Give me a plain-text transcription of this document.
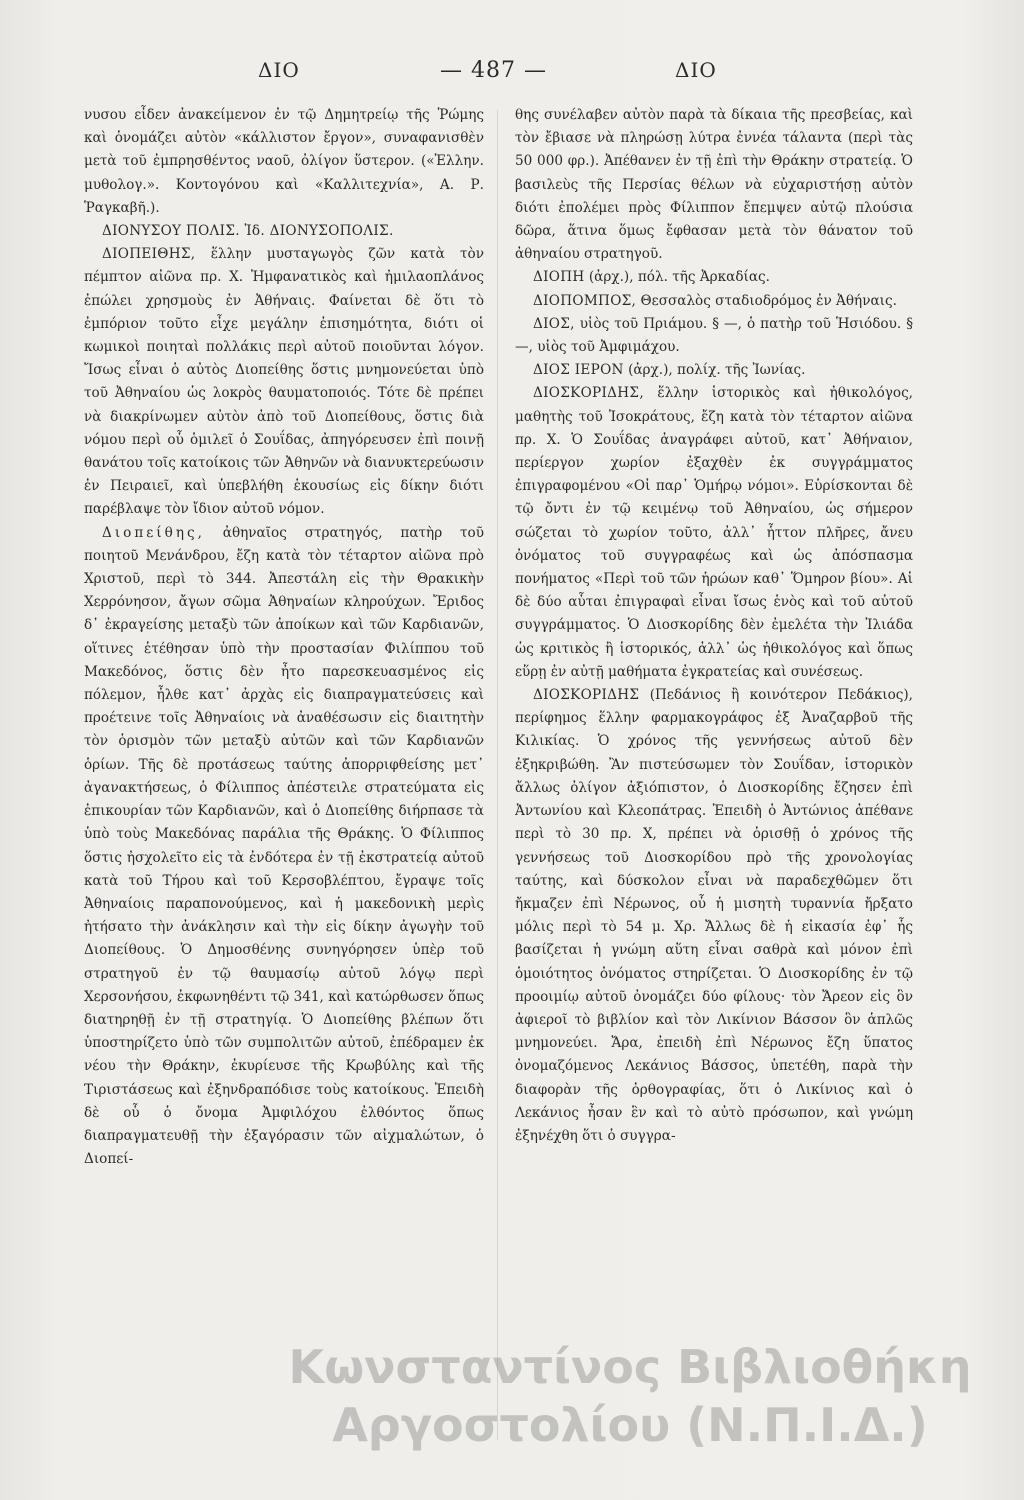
ΔΙΟ	— 487 —	ΔΙΟ

νυσου εἶδεν ἀνακείμενον ἐν τῷ Δημητρείῳ τῆς Ῥώμης καὶ ὀνομάζει αὐτὸν «κάλλιστον ἔργον», συναφανισθὲν μετὰ τοῦ ἐμπρησθέντος ναοῦ, ὀλίγον ὕστερον. («Ἑλλην. μυθολογ.». Κοντογόνου καὶ «Καλλιτεχνία», Α. Ρ. Ῥαγκαβῆ.).

ΔΙΟΝΥΣΟΥ ΠΟΛΙΣ. Ἰδ. ΔΙΟΝΥΣΟΠΟΛΙΣ.

ΔΙΟΠΕΙΘΗΣ, ἕλλην μυσταγωγὸς ζῶν κατὰ τὸν πέμπτον αἰῶνα πρ. Χ. Ἠμφανατικὸς καὶ ἠμιλαοπλάνος ἐπώλει χρησμοὺς ἐν Ἀθήναις. Φαίνεται δὲ ὅτι τὸ ἐμπόριον τοῦτο εἶχε μεγάλην ἐπισημότητα, διότι οἱ κωμικοὶ ποιηταὶ πολλάκις περὶ αὐτοῦ ποιοῦνται λόγον. Ἴσως εἶναι ὁ αὐτὸς Διοπείθης ὅστις μνημονεύεται ὑπὸ τοῦ Ἀθηναίου ὡς λοκρὸς θαυματοποιός. Τότε δὲ πρέπει νὰ διακρίνωμεν αὐτὸν ἀπὸ τοῦ Διοπείθους, ὅστις διὰ νόμου περὶ οὗ ὁμιλεῖ ὁ Σουΐδας, ἀπηγόρευσεν ἐπὶ ποινῇ θανάτου τοῖς κατοίκοις τῶν Ἀθηνῶν νὰ διανυκτερεύωσιν ἐν Πειραιεῖ, καὶ ὑπεβλήθη ἑκουσίως εἰς δίκην διότι παρέβλαψε τὸν ἴδιον αὐτοῦ νόμον.

Διοπείθης, ἀθηναῖος στρατηγός, πατὴρ τοῦ ποιητοῦ Μενάνδρου, ἔζη κατὰ τὸν τέταρτον αἰῶνα πρὸ Χριστοῦ, περὶ τὸ 344. Ἀπεστάλη εἰς τὴν Θρακικὴν Χερρόνησον, ἄγων σῶμα Ἀθηναίων κληρούχων. Ἔριδος δ᾽ ἐκραγείσης μεταξὺ τῶν ἀποίκων καὶ τῶν Καρδιανῶν, οἵτινες ἐτέθησαν ὑπὸ τὴν προστασίαν Φιλίππου τοῦ Μακεδόνος, ὅστις δὲν ἦτο παρεσκευασμένος εἰς πόλεμον, ἦλθε κατ᾽ ἀρχὰς εἰς διαπραγματεύσεις καὶ προέτεινε τοῖς Ἀθηναίοις νὰ ἀναθέσωσιν εἰς διαιτητὴν τὸν ὁρισμὸν τῶν μεταξὺ αὐτῶν καὶ τῶν Καρδιανῶν ὁρίων. Τῆς δὲ προτάσεως ταύτης ἀπορριφθείσης μετ᾽ ἀγανακτήσεως, ὁ Φίλιππος ἀπέστειλε στρατεύματα εἰς ἐπικουρίαν τῶν Καρδιανῶν, καὶ ὁ Διοπείθης διήρπασε τὰ ὑπὸ τοὺς Μακεδόνας παράλια τῆς Θράκης. Ὁ Φίλιππος ὅστις ἠσχολεῖτο εἰς τὰ ἐνδότερα ἐν τῇ ἐκστρατείᾳ αὐτοῦ κατὰ τοῦ Τήρου καὶ τοῦ Κερσοβλέπτου, ἔγραψε τοῖς Ἀθηναίοις παραπονούμενος, καὶ ἡ μακεδονικὴ μερὶς ἠτήσατο τὴν ἀνάκλησιν καὶ τὴν εἰς δίκην ἀγωγὴν τοῦ Διοπείθους. Ὁ Δημοσθένης συνηγόρησεν ὑπὲρ τοῦ στρατηγοῦ ἐν τῷ θαυμασίῳ αὐτοῦ λόγῳ περὶ Χερσονήσου, ἐκφωνηθέντι τῷ 341, καὶ κατώρθωσεν ὅπως διατηρηθῇ ἐν τῇ στρατηγίᾳ. Ὁ Διοπείθης βλέπων ὅτι ὑποστηρίζετο ὑπὸ τῶν συμπολιτῶν αὐτοῦ, ἐπέδραμεν ἐκ νέου τὴν Θράκην, ἐκυρίευσε τῆς Κρωβύλης καὶ τῆς Τιριστάσεως καὶ ἐξηνδραπόδισε τοὺς κατοίκους. Ἐπειδὴ δὲ οὗ ὁ ὄνομα Ἀμφιλόχου ἐλθόντος ὅπως διαπραγματευθῇ τὴν ἐξαγόρασιν τῶν αἰχμαλώτων, ὁ Διοπεί-

θης συνέλαβεν αὐτὸν παρὰ τὰ δίκαια τῆς πρεσβείας, καὶ τὸν ἔβιασε νὰ πληρώσῃ λύτρα ἐννέα τάλαντα (περὶ τὰς 50 000 φρ.). Ἀπέθανεν ἐν τῇ ἐπὶ τὴν Θράκην στρατείᾳ. Ὁ βασιλεὺς τῆς Περσίας θέλων νὰ εὐχαριστήσῃ αὐτὸν διότι ἐπολέμει πρὸς Φίλιππον ἔπεμψεν αὐτῷ πλούσια δῶρα, ἅτινα ὅμως ἔφθασαν μετὰ τὸν θάνατον τοῦ ἀθηναίου στρατηγοῦ.

ΔΙΟΠΗ (ἀρχ.), πόλ. τῆς Ἀρκαδίας.

ΔΙΟΠΟΜΠΟΣ, Θεσσαλὸς σταδιοδρόμος ἐν Ἀθήναις.

ΔΙΟΣ, υἱὸς τοῦ Πριάμου. § —, ὁ πατὴρ τοῦ Ἡσιόδου. § —, υἱὸς τοῦ Ἀμφιμάχου.

ΔΙΟΣ ΙΕΡΟΝ (ἀρχ.), πολίχ. τῆς Ἰωνίας.

ΔΙΟΣΚΟΡΙΔΗΣ, ἕλλην ἱστορικὸς καὶ ἠθικολόγος, μαθητὴς τοῦ Ἰσοκράτους, ἔζη κατὰ τὸν τέταρτον αἰῶνα πρ. Χ. Ὁ Σουΐδας ἀναγράφει αὐτοῦ, κατ᾽ Ἀθήναιον, περίεργον χωρίον ἐξαχθὲν ἐκ συγγράμματος ἐπιγραφομένου «Οἱ παρ᾽ Ὁμήρῳ νόμοι». Εὑρίσκονται δὲ τῷ ὄντι ἐν τῷ κειμένῳ τοῦ Ἀθηναίου, ὡς σήμερον σώζεται τὸ χωρίον τοῦτο, ἀλλ᾽ ἧττον πλῆρες, ἄνευ ὀνόματος τοῦ συγγραφέως καὶ ὡς ἀπόσπασμα πονήματος «Περὶ τοῦ τῶν ἡρώων καθ᾽ Ὅμηρον βίου». Αἱ δὲ δύο αὗται ἐπιγραφαὶ εἶναι ἴσως ἑνὸς καὶ τοῦ αὐτοῦ συγγράμματος. Ὁ Διοσκορίδης δὲν ἐμελέτα τὴν Ἰλιάδα ὡς κριτικὸς ἢ ἱστορικός, ἀλλ᾽ ὡς ἠθικολόγος καὶ ὅπως εὕρῃ ἐν αὐτῇ μαθήματα ἐγκρατείας καὶ συνέσεως.

ΔΙΟΣΚΟΡΙΔΗΣ (Πεδάνιος ἢ κοινότερον Πεδάκιος), περίφημος ἕλλην φαρμακογράφος ἐξ Ἀναζαρβοῦ τῆς Κιλικίας. Ὁ χρόνος τῆς γεννήσεως αὐτοῦ δὲν ἐξηκριβώθη. Ἂν πιστεύσωμεν τὸν Σουΐδαν, ἱστορικὸν ἄλλως ὀλίγον ἀξιόπιστον, ὁ Διοσκορίδης ἔζησεν ἐπὶ Ἀντωνίου καὶ Κλεοπάτρας. Ἐπειδὴ ὁ Ἀντώνιος ἀπέθανε περὶ τὸ 30 πρ. Χ, πρέπει νὰ ὁρισθῇ ὁ χρόνος τῆς γεννήσεως τοῦ Διοσκορίδου πρὸ τῆς χρονολογίας ταύτης, καὶ δύσκολον εἶναι νὰ παραδεχθῶμεν ὅτι ἤκμαζεν ἐπὶ Νέρωνος, οὗ ἡ μισητὴ τυραννία ἤρξατο μόλις περὶ τὸ 54 μ. Χρ. Ἄλλως δὲ ἡ εἰκασία ἐφ᾽ ἧς βασίζεται ἡ γνώμη αὕτη εἶναι σαθρὰ καὶ μόνον ἐπὶ ὁμοιότητος ὀνόματος στηρίζεται. Ὁ Διοσκορίδης ἐν τῷ προοιμίῳ αὐτοῦ ὀνομάζει δύο φίλους· τὸν Ἄρεον εἰς ὃν ἀφιεροῖ τὸ βιβλίον καὶ τὸν Λικίνιον Βάσσον ὃν ἁπλῶς μνημονεύει. Ἄρα, ἐπειδὴ ἐπὶ Νέρωνος ἔζη ὕπατος ὀνομαζόμενος Λεκάνιος Βάσσος, ὑπετέθη, παρὰ τὴν διαφορὰν τῆς ὀρθογραφίας, ὅτι ὁ Λικίνιος καὶ ὁ Λεκάνιος ἦσαν ἓν καὶ τὸ αὐτὸ πρόσωπον, καὶ γνώμη ἐξηνέχθη ὅτι ὁ συγγρα-

Κωνσταντίνος Βιβλιοθήκη
Αργοστολίου (Ν.Π.Ι.Δ.)
